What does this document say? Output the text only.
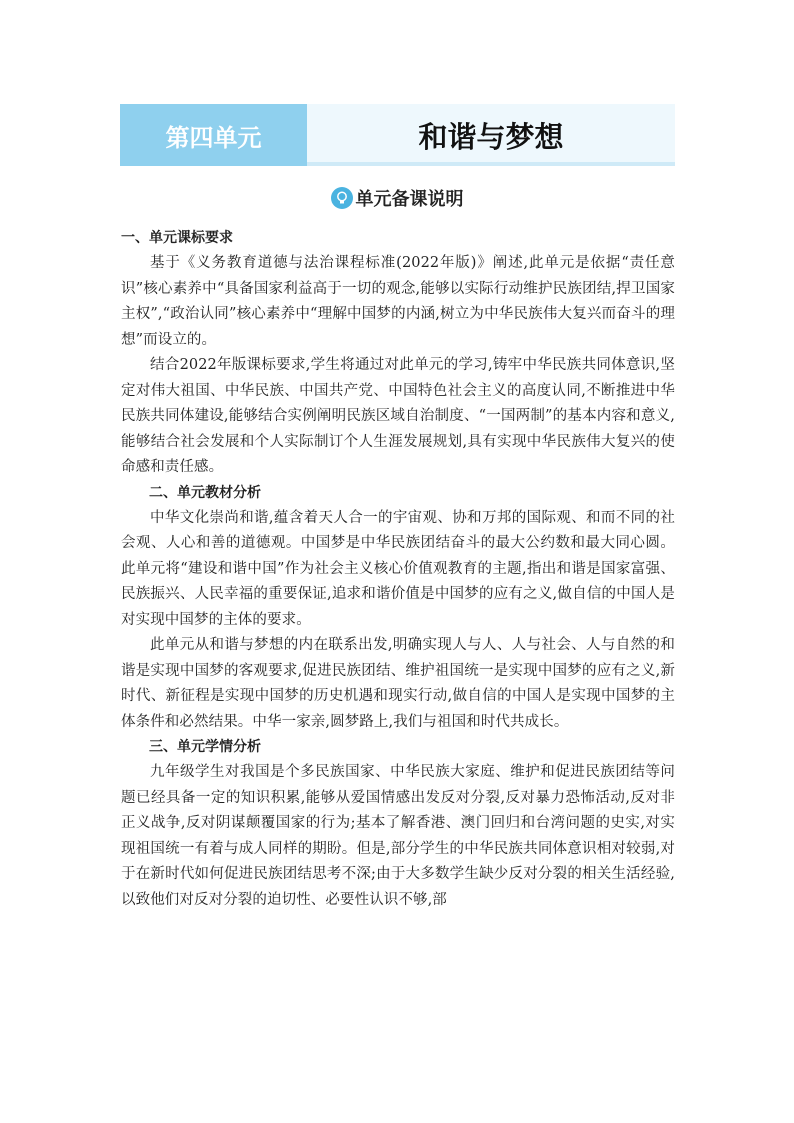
第四单元	和谐与梦想
单元备课说明

一、单元课标要求

基于《义务教育道德与法治课程标准(2022年版)》阐述,此单元是依据“责任意识”核心素养中“具备国家利益高于一切的观念,能够以实际行动维护民族团结,捍卫国家主权”,“政治认同”核心素养中“理解中国梦的内涵,树立为中华民族伟大复兴而奋斗的理想”而设立的。

结合2022年版课标要求,学生将通过对此单元的学习,铸牢中华民族共同体意识,坚定对伟大祖国、中华民族、中国共产党、中国特色社会主义的高度认同,不断推进中华民族共同体建设,能够结合实例阐明民族区域自治制度、“一国两制”的基本内容和意义,能够结合社会发展和个人实际制订个人生涯发展规划,具有实现中华民族伟大复兴的使命感和责任感。

二、单元教材分析

中华文化崇尚和谐,蕴含着天人合一的宇宙观、协和万邦的国际观、和而不同的社会观、人心和善的道德观。中国梦是中华民族团结奋斗的最大公约数和最大同心圆。此单元将“建设和谐中国”作为社会主义核心价值观教育的主题,指出和谐是国家富强、民族振兴、人民幸福的重要保证,追求和谐价值是中国梦的应有之义,做自信的中国人是对实现中国梦的主体的要求。

此单元从和谐与梦想的内在联系出发,明确实现人与人、人与社会、人与自然的和谐是实现中国梦的客观要求,促进民族团结、维护祖国统一是实现中国梦的应有之义,新时代、新征程是实现中国梦的历史机遇和现实行动,做自信的中国人是实现中国梦的主体条件和必然结果。中华一家亲,圆梦路上,我们与祖国和时代共成长。

三、单元学情分析

九年级学生对我国是个多民族国家、中华民族大家庭、维护和促进民族团结等问题已经具备一定的知识积累,能够从爱国情感出发反对分裂,反对暴力恐怖活动,反对非正义战争,反对阴谋颠覆国家的行为;基本了解香港、澳门回归和台湾问题的史实,对实现祖国统一有着与成人同样的期盼。但是,部分学生的中华民族共同体意识相对较弱,对于在新时代如何促进民族团结思考不深;由于大多数学生缺少反对分裂的相关生活经验,以致他们对反对分裂的迫切性、必要性认识不够,部
